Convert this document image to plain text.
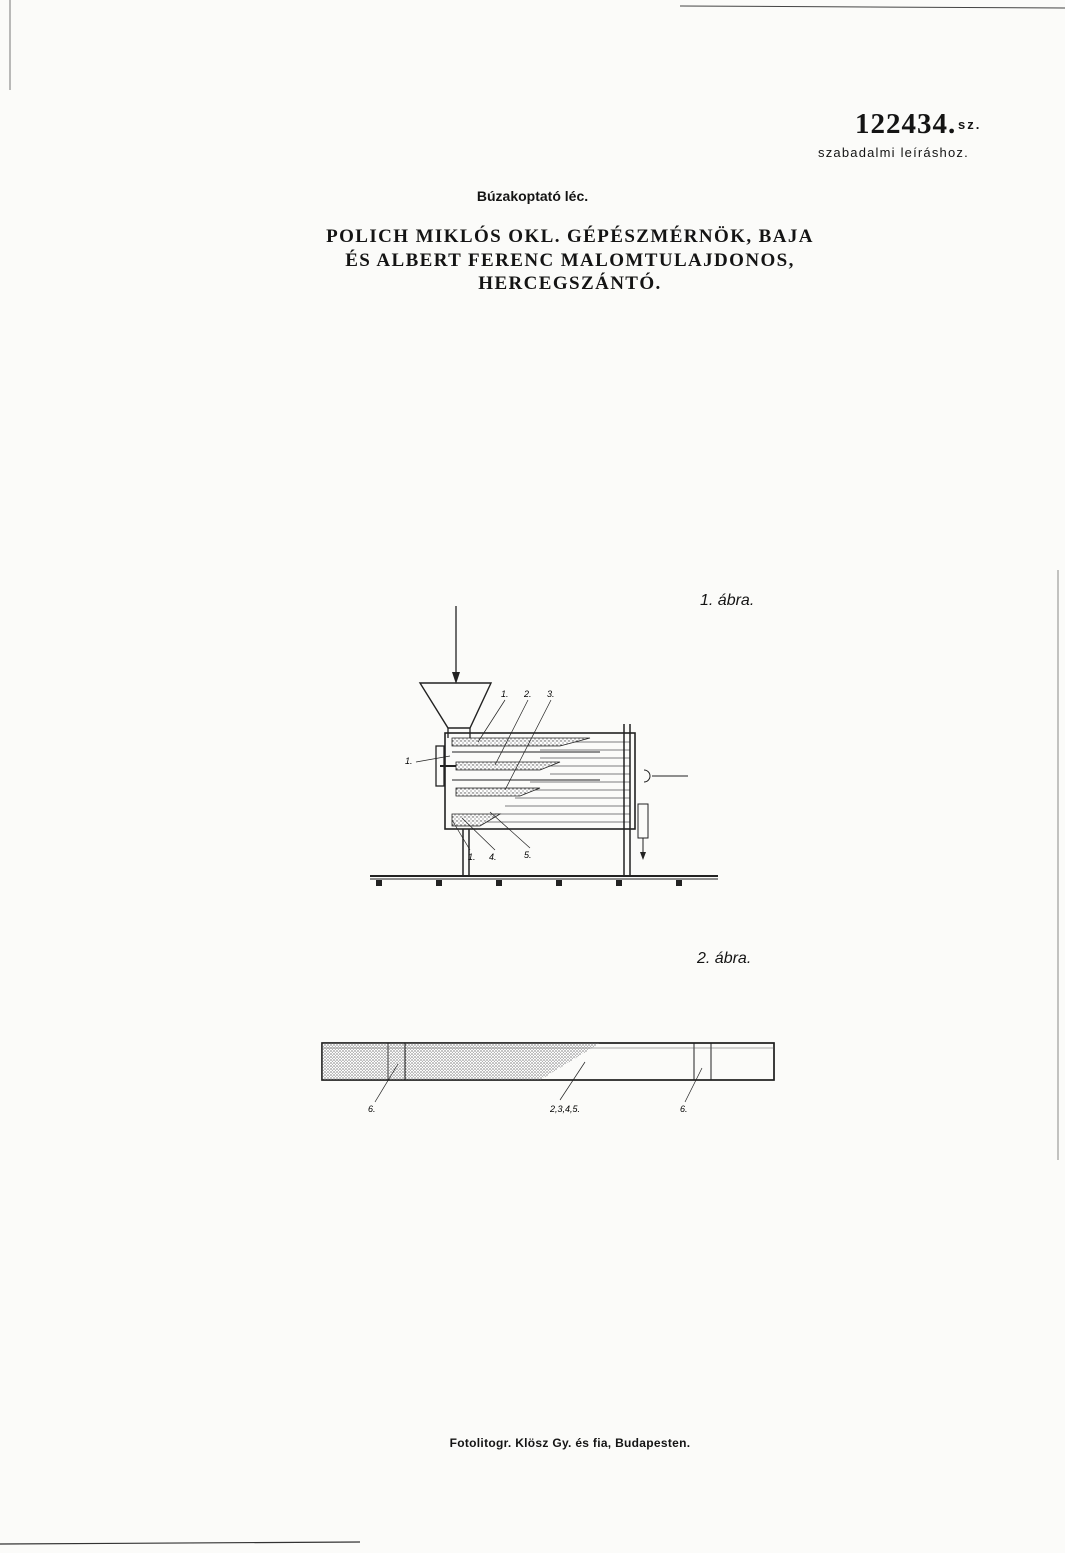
122434. sz.
szabadalmi leíráshoz.
Búzakoptató léc.
POLICH MIKLÓS OKL. GÉPÉSZMÉRNÖK, BAJA
ÉS ALBERT FERENC MALOMTULAJDONOS,
HERCEGSZÁNTÓ.
1. ábra.
1. 2. 3.
1.
4.	5.
1.
2. ábra.
6.	2,3,4,5.	6.
Fotolitogr. Klösz Gy. és fia, Budapesten.
